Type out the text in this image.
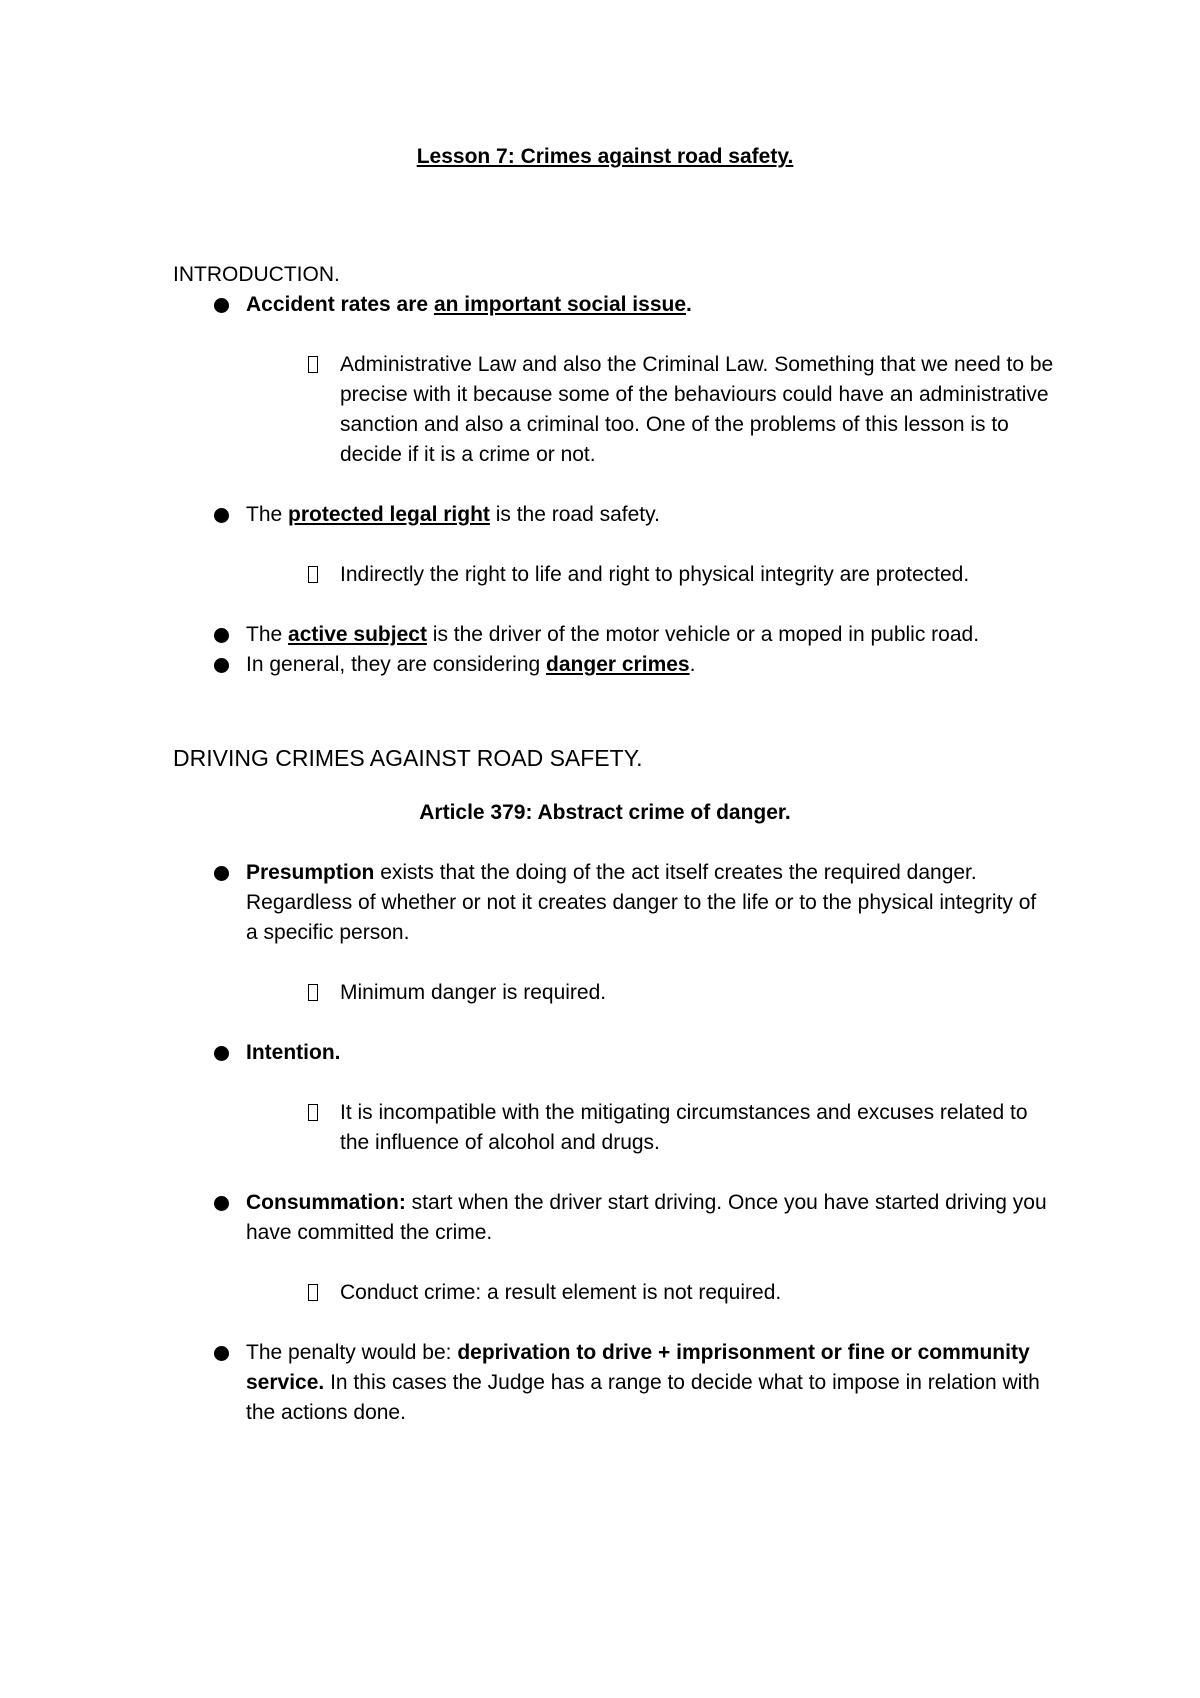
Lesson 7: Crimes against road safety.
INTRODUCTION.
Accident rates are an important social issue.
Administrative Law and also the Criminal Law. Something that we need to be precise with it because some of the behaviours could have an administrative sanction and also a criminal too. One of the problems of this lesson is to decide if it is a crime or not.
The protected legal right is the road safety.
Indirectly the right to life and right to physical integrity are protected.
The active subject is the driver of the motor vehicle or a moped in public road.
In general, they are considering danger crimes.
DRIVING CRIMES AGAINST ROAD SAFETY.
Article 379: Abstract crime of danger.
Presumption exists that the doing of the act itself creates the required danger. Regardless of whether or not it creates danger to the life or to the physical integrity of a specific person.
Minimum danger is required.
Intention.
It is incompatible with the mitigating circumstances and excuses related to the influence of alcohol and drugs.
Consummation: start when the driver start driving. Once you have started driving you have committed the crime.
Conduct crime: a result element is not required.
The penalty would be: deprivation to drive + imprisonment or fine or community service. In this cases the Judge has a range to decide what to impose in relation with the actions done.
